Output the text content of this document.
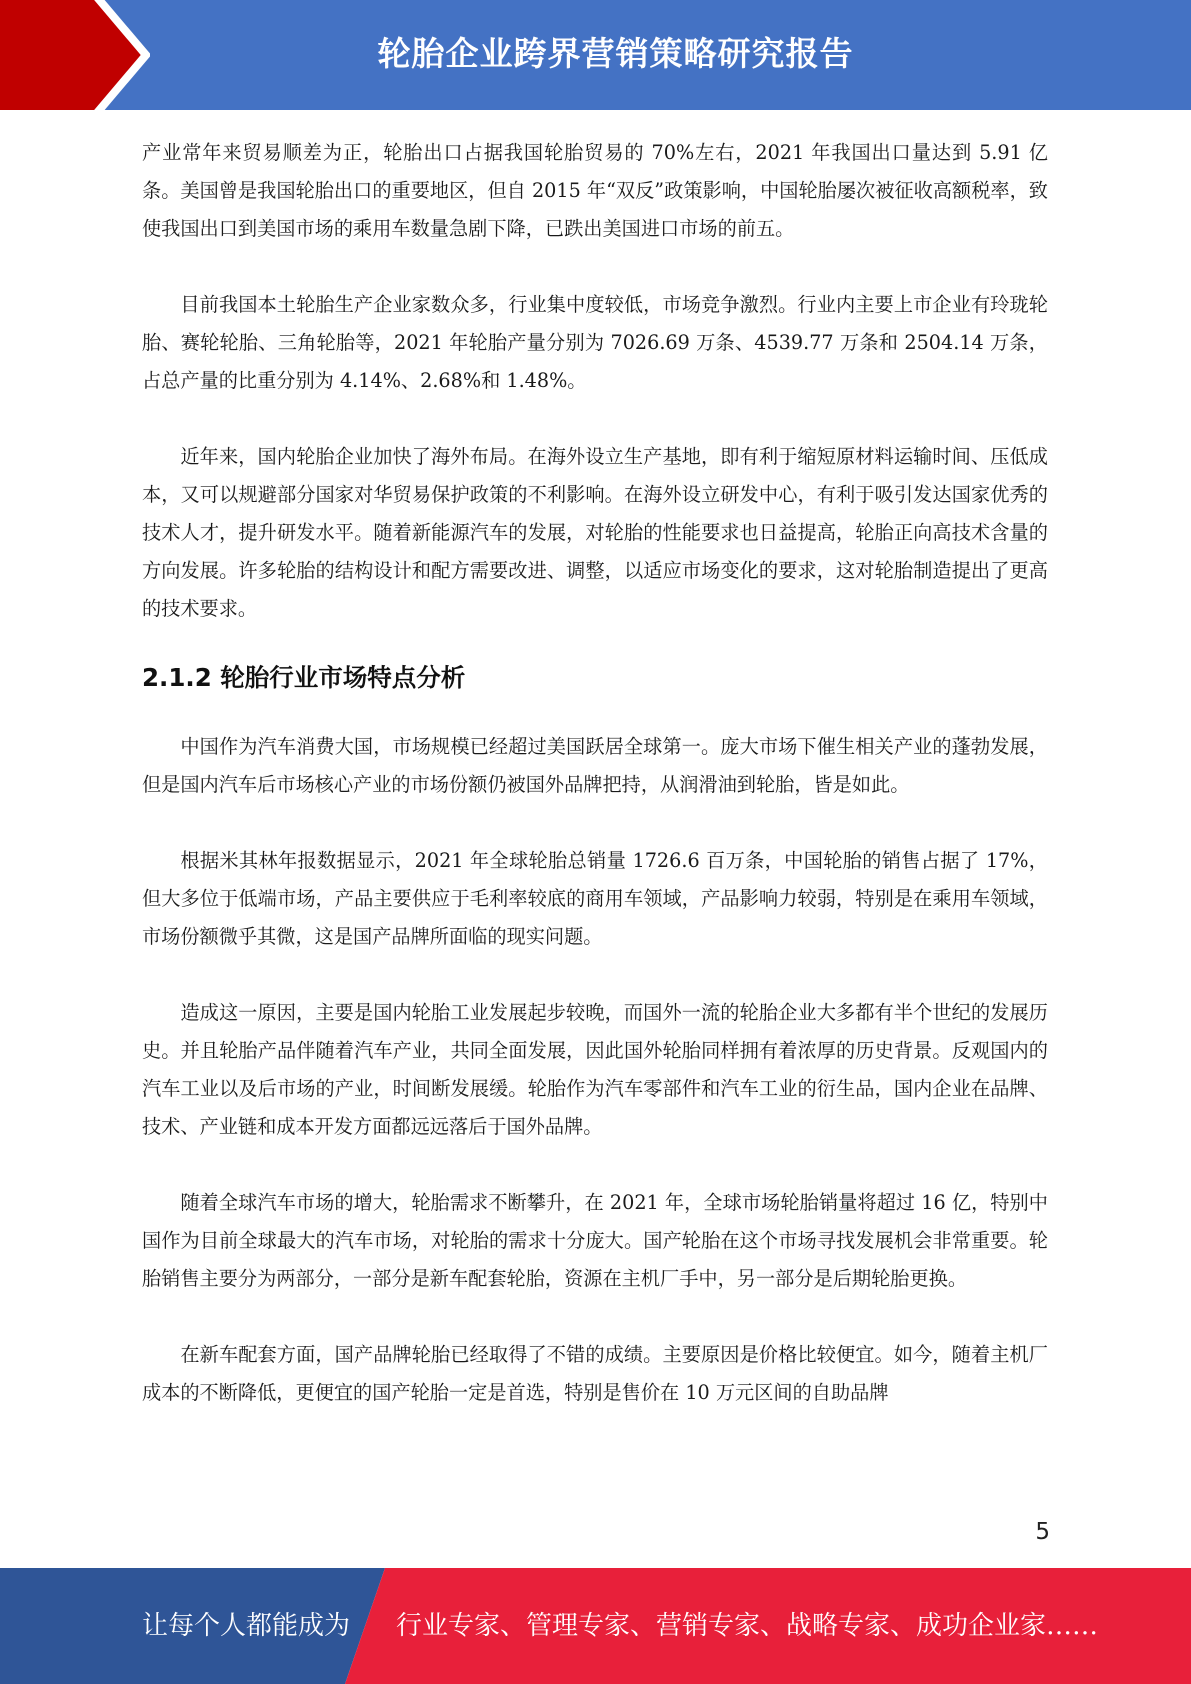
轮胎企业跨界营销策略研究报告

产业常年来贸易顺差为正，轮胎出口占据我国轮胎贸易的 70%左右，2021 年我国出口量达到 5.91 亿条。美国曾是我国轮胎出口的重要地区，但自 2015 年“双反”政策影响，中国轮胎屡次被征收高额税率，致使我国出口到美国市场的乘用车数量急剧下降，已跌出美国进口市场的前五。

目前我国本土轮胎生产企业家数众多，行业集中度较低，市场竞争激烈。行业内主要上市企业有玲珑轮胎、赛轮轮胎、三角轮胎等，2021 年轮胎产量分别为 7026.69 万条、4539.77 万条和 2504.14 万条，占总产量的比重分别为 4.14%、2.68%和 1.48%。

近年来，国内轮胎企业加快了海外布局。在海外设立生产基地，即有利于缩短原材料运输时间、压低成本，又可以规避部分国家对华贸易保护政策的不利影响。在海外设立研发中心，有利于吸引发达国家优秀的技术人才，提升研发水平。随着新能源汽车的发展，对轮胎的性能要求也日益提高，轮胎正向高技术含量的方向发展。许多轮胎的结构设计和配方需要改进、调整，以适应市场变化的要求，这对轮胎制造提出了更高的技术要求。

2.1.2 轮胎行业市场特点分析

中国作为汽车消费大国，市场规模已经超过美国跃居全球第一。庞大市场下催生相关产业的蓬勃发展，但是国内汽车后市场核心产业的市场份额仍被国外品牌把持，从润滑油到轮胎，皆是如此。

根据米其林年报数据显示，2021 年全球轮胎总销量 1726.6 百万条，中国轮胎的销售占据了 17%，但大多位于低端市场，产品主要供应于毛利率较底的商用车领域，产品影响力较弱，特别是在乘用车领域，市场份额微乎其微，这是国产品牌所面临的现实问题。

造成这一原因，主要是国内轮胎工业发展起步较晚，而国外一流的轮胎企业大多都有半个世纪的发展历史。并且轮胎产品伴随着汽车产业，共同全面发展，因此国外轮胎同样拥有着浓厚的历史背景。反观国内的汽车工业以及后市场的产业，时间断发展缓。轮胎作为汽车零部件和汽车工业的衍生品，国内企业在品牌、技术、产业链和成本开发方面都远远落后于国外品牌。

随着全球汽车市场的增大，轮胎需求不断攀升，在 2021 年，全球市场轮胎销量将超过 16 亿，特别中国作为目前全球最大的汽车市场，对轮胎的需求十分庞大。国产轮胎在这个市场寻找发展机会非常重要。轮胎销售主要分为两部分，一部分是新车配套轮胎，资源在主机厂手中，另一部分是后期轮胎更换。

在新车配套方面，国产品牌轮胎已经取得了不错的成绩。主要原因是价格比较便宜。如今，随着主机厂成本的不断降低，更便宜的国产轮胎一定是首选，特别是售价在 10 万元区间的自助品牌

5
让每个人都能成为 行业专家、管理专家、营销专家、战略专家、成功企业家……
